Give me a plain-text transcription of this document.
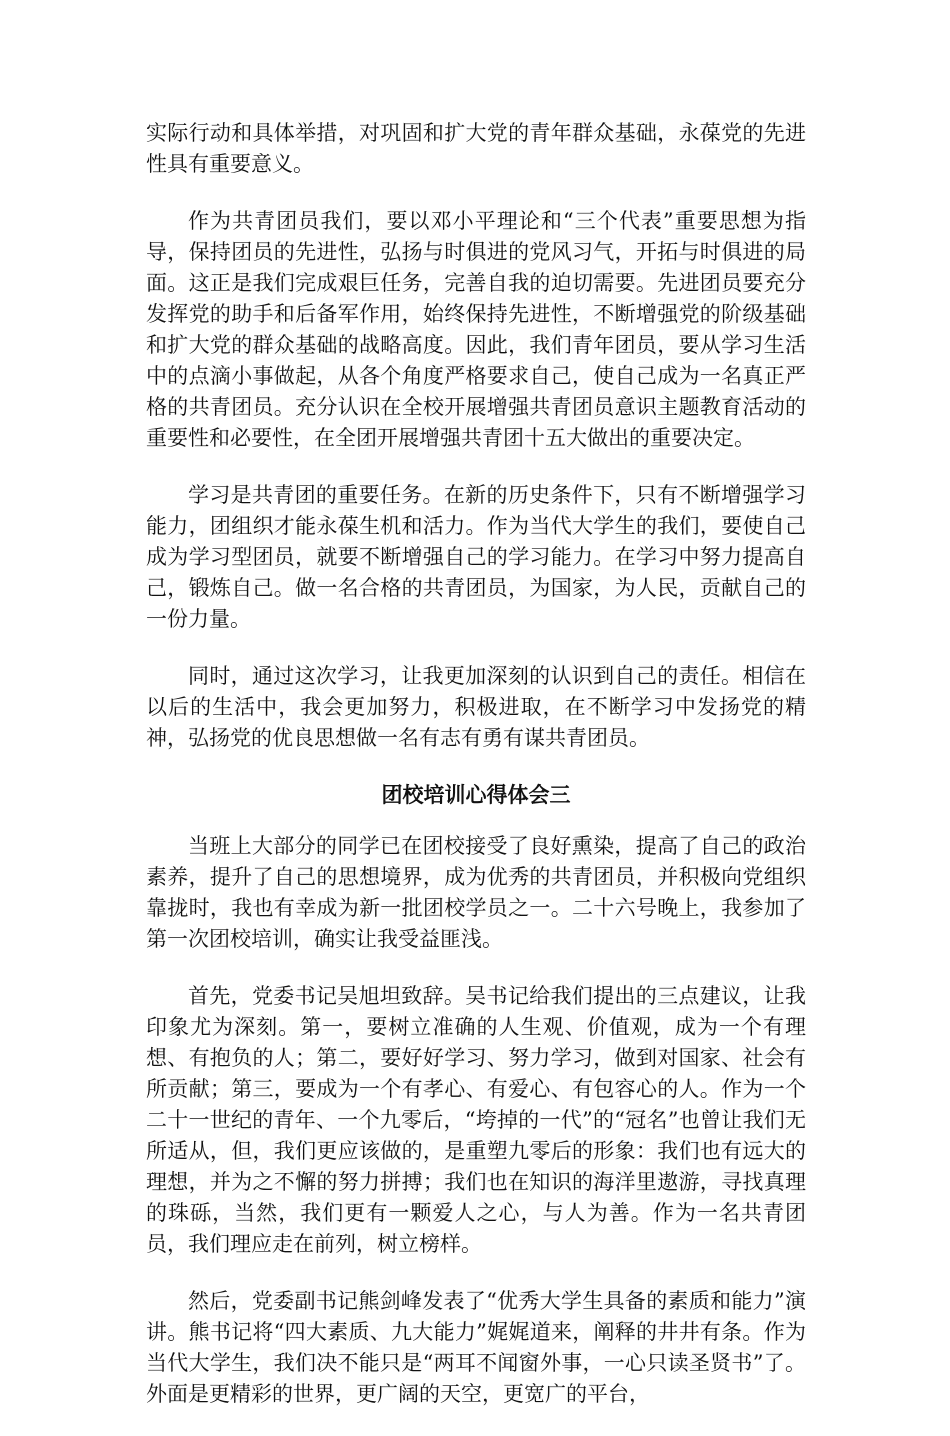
实际行动和具体举措，对巩固和扩大党的青年群众基础，永葆党的先进性具有重要意义。

作为共青团员我们，要以邓小平理论和“三个代表”重要思想为指导，保持团员的先进性，弘扬与时俱进的党风习气，开拓与时俱进的局面。这正是我们完成艰巨任务，完善自我的迫切需要。先进团员要充分发挥党的助手和后备军作用，始终保持先进性，不断增强党的阶级基础和扩大党的群众基础的战略高度。因此，我们青年团员，要从学习生活中的点滴小事做起，从各个角度严格要求自己，使自己成为一名真正严格的共青团员。充分认识在全校开展增强共青团员意识主题教育活动的重要性和必要性，在全团开展增强共青团十五大做出的重要决定。

学习是共青团的重要任务。在新的历史条件下，只有不断增强学习能力，团组织才能永葆生机和活力。作为当代大学生的我们，要使自己成为学习型团员，就要不断增强自己的学习能力。在学习中努力提高自己，锻炼自己。做一名合格的共青团员，为国家，为人民，贡献自己的一份力量。

同时，通过这次学习，让我更加深刻的认识到自己的责任。相信在以后的生活中，我会更加努力，积极进取，在不断学习中发扬党的精神，弘扬党的优良思想做一名有志有勇有谋共青团员。

团校培训心得体会三

当班上大部分的同学已在团校接受了良好熏染，提高了自己的政治素养，提升了自己的思想境界，成为优秀的共青团员，并积极向党组织靠拢时，我也有幸成为新一批团校学员之一。二十六号晚上，我参加了第一次团校培训，确实让我受益匪浅。

首先，党委书记吴旭坦致辞。吴书记给我们提出的三点建议，让我印象尤为深刻。第一，要树立准确的人生观、价值观，成为一个有理想、有抱负的人；第二，要好好学习、努力学习，做到对国家、社会有所贡献；第三，要成为一个有孝心、有爱心、有包容心的人。作为一个二十一世纪的青年、一个九零后，“垮掉的一代”的“冠名”也曾让我们无所适从，但，我们更应该做的，是重塑九零后的形象：我们也有远大的理想，并为之不懈的努力拼搏；我们也在知识的海洋里遨游，寻找真理的珠砾，当然，我们更有一颗爱人之心，与人为善。作为一名共青团员，我们理应走在前列，树立榜样。

然后，党委副书记熊剑峰发表了“优秀大学生具备的素质和能力”演讲。熊书记将“四大素质、九大能力”娓娓道来，阐释的井井有条。作为当代大学生，我们决不能只是“两耳不闻窗外事，一心只读圣贤书”了。外面是更精彩的世界，更广阔的天空，更宽广的平台，
